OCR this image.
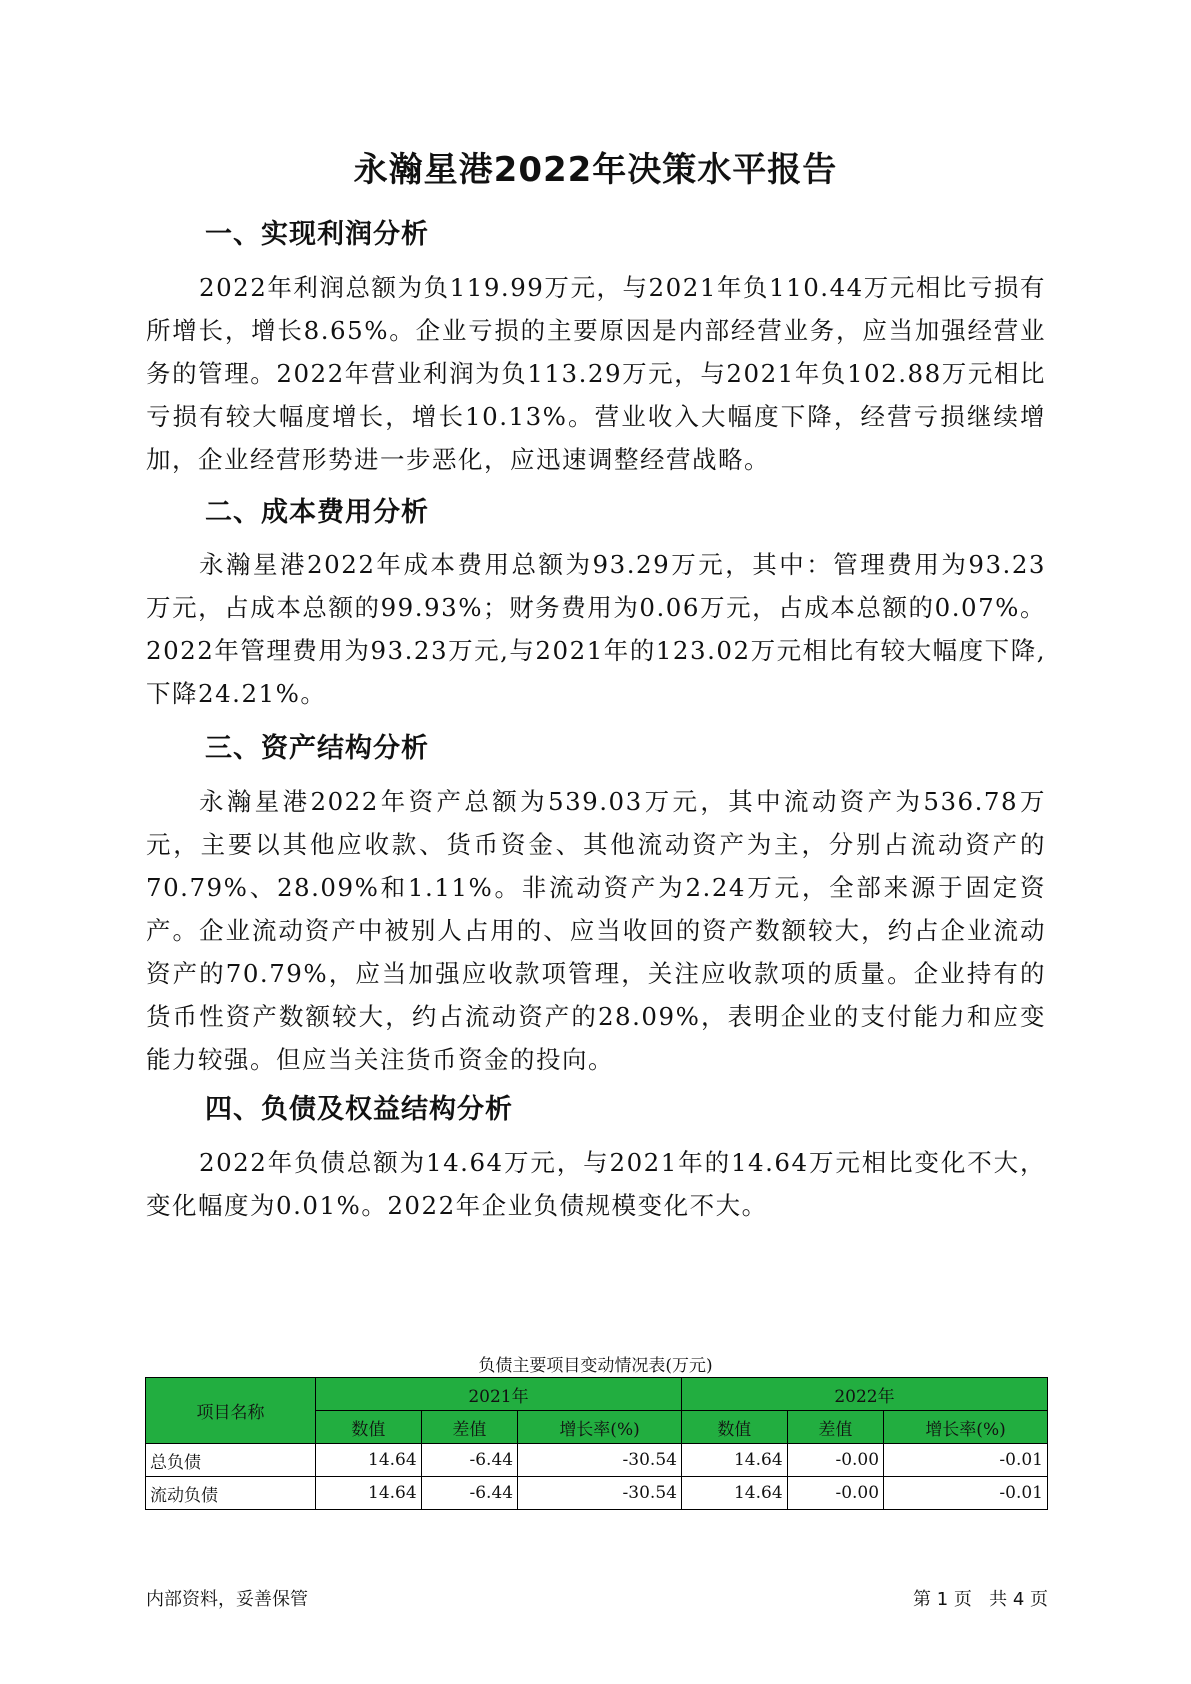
永瀚星港2022年决策水平报告
一、实现利润分析
2022年利润总额为负119.99万元，与2021年负110.44万元相比亏损有所增长，增长8.65%。企业亏损的主要原因是内部经营业务，应当加强经营业务的管理。2022年营业利润为负113.29万元，与2021年负102.88万元相比亏损有较大幅度增长，增长10.13%。营业收入大幅度下降，经营亏损继续增加，企业经营形势进一步恶化，应迅速调整经营战略。
二、成本费用分析
永瀚星港2022年成本费用总额为93.29万元，其中：管理费用为93.23万元，占成本总额的99.93%；财务费用为0.06万元，占成本总额的0.07%。2022年管理费用为93.23万元,与2021年的123.02万元相比有较大幅度下降,下降24.21%。
三、资产结构分析
永瀚星港2022年资产总额为539.03万元，其中流动资产为536.78万元，主要以其他应收款、货币资金、其他流动资产为主，分别占流动资产的70.79%、28.09%和1.11%。非流动资产为2.24万元，全部来源于固定资产。企业流动资产中被别人占用的、应当收回的资产数额较大，约占企业流动资产的70.79%，应当加强应收款项管理，关注应收款项的质量。企业持有的货币性资产数额较大，约占流动资产的28.09%，表明企业的支付能力和应变能力较强。但应当关注货币资金的投向。
四、负债及权益结构分析
2022年负债总额为14.64万元，与2021年的14.64万元相比变化不大，变化幅度为0.01%。2022年企业负债规模变化不大。
负债主要项目变动情况表(万元)
项目名称	2021年			2022年		
	数值	差值	增长率(%)	数值	差值	增长率(%)
总负债	14.64	-6.44	-30.54	14.64	-0.00	-0.01
流动负债	14.64	-6.44	-30.54	14.64	-0.00	-0.01
内部资料，妥善保管	第 1 页   共 4 页
